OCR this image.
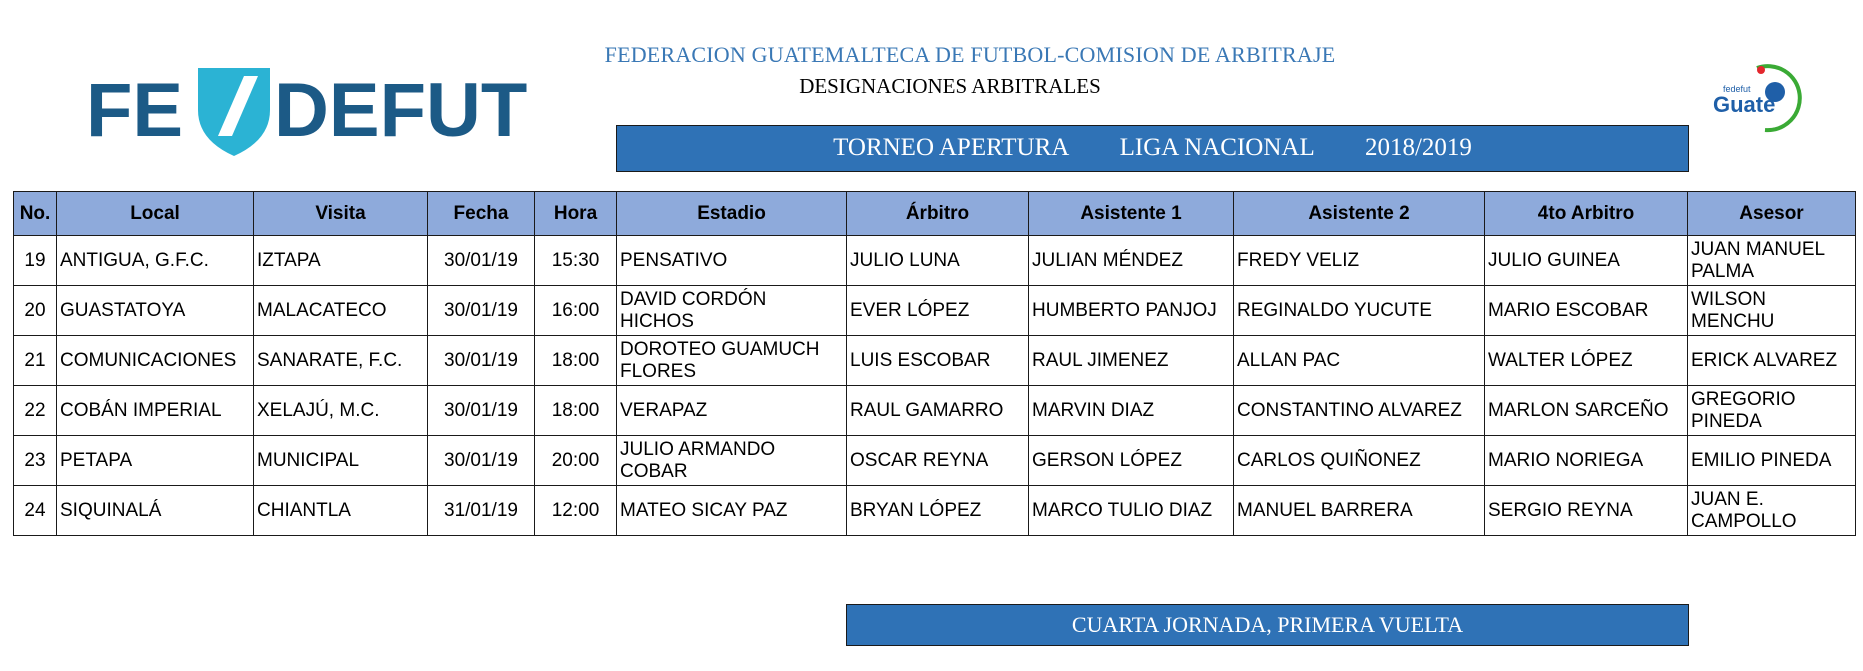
FE DEFUT	fedefut
Guate
FEDERACION GUATEMALTECA DE FUTBOL-COMISION DE ARBITRAJE
DESIGNACIONES ARBITRALES
TORNEO APERTURA LIGA NACIONAL 2018/2019
No.	Local	Visita	Fecha	Hora	Estadio	Árbitro	Asistente 1	Asistente 2	4to Arbitro	Asesor
19	ANTIGUA, G.F.C.	IZTAPA	30/01/19	15:30	PENSATIVO	JULIO LUNA	JULIAN MÉNDEZ	FREDY VELIZ	JULIO GUINEA	JUAN MANUEL PALMA
20	GUASTATOYA	MALACATECO	30/01/19	16:00	DAVID CORDÓN HICHOS	EVER LÓPEZ	HUMBERTO PANJOJ	REGINALDO YUCUTE	MARIO ESCOBAR	WILSON MENCHU
21	COMUNICACIONES	SANARATE, F.C.	30/01/19	18:00	DOROTEO GUAMUCH FLORES	LUIS ESCOBAR	RAUL JIMENEZ	ALLAN PAC	WALTER LÓPEZ	ERICK ALVAREZ
22	COBÁN IMPERIAL	XELAJÚ, M.C.	30/01/19	18:00	VERAPAZ	RAUL GAMARRO	MARVIN DIAZ	CONSTANTINO ALVAREZ	MARLON SARCEÑO	GREGORIO PINEDA
23	PETAPA	MUNICIPAL	30/01/19	20:00	JULIO ARMANDO COBAR	OSCAR REYNA	GERSON LÓPEZ	CARLOS QUIÑONEZ	MARIO NORIEGA	EMILIO PINEDA
24	SIQUINALÁ	CHIANTLA	31/01/19	12:00	MATEO SICAY PAZ	BRYAN LÓPEZ	MARCO TULIO DIAZ	MANUEL BARRERA	SERGIO REYNA	JUAN E. CAMPOLLO
CUARTA JORNADA, PRIMERA VUELTA
